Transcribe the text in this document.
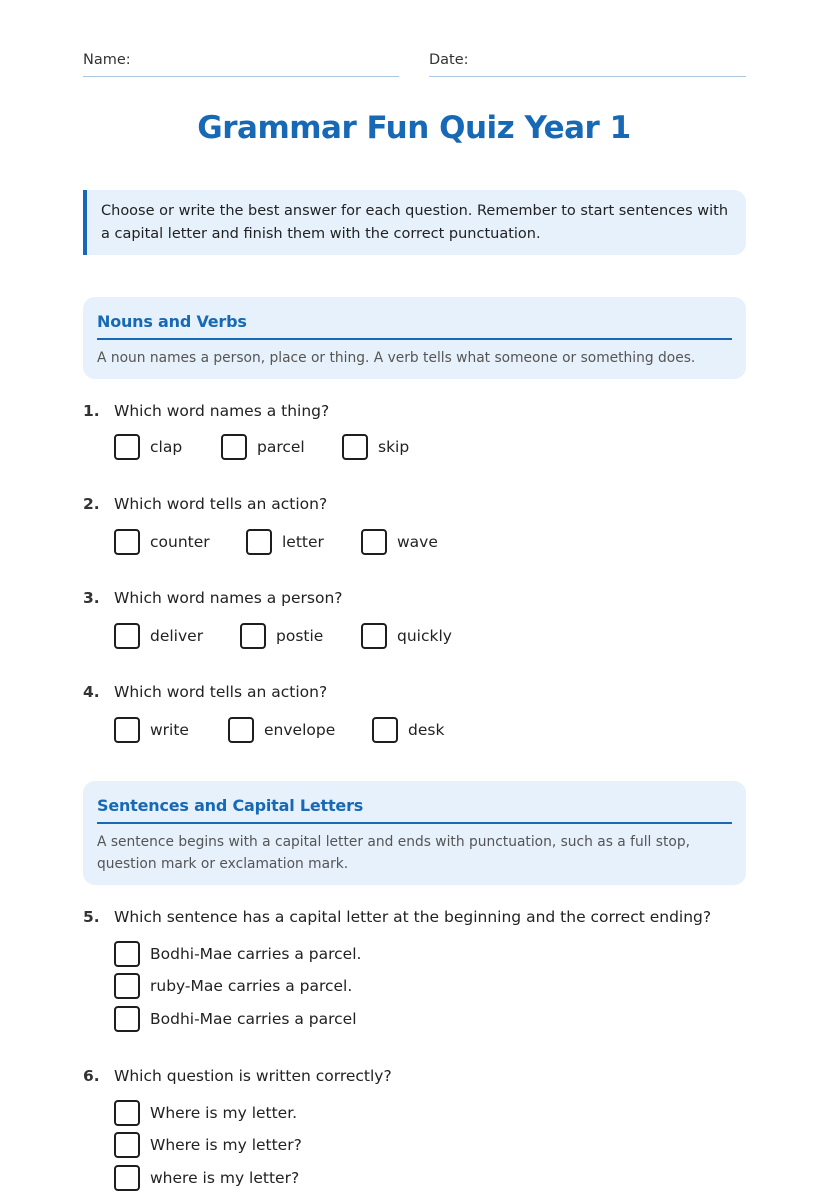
Name:	Date:
Grammar Fun Quiz Year 1
Choose or write the best answer for each question. Remember to start sentences with a capital letter and finish them with the correct punctuation.
Nouns and Verbs
A noun names a person, place or thing. A verb tells what someone or something does.
1. Which word names a thing?
clap	parcel	skip
2. Which word tells an action?
counter	letter	wave
3. Which word names a person?
deliver	postie	quickly
4. Which word tells an action?
write	envelope	desk
Sentences and Capital Letters
A sentence begins with a capital letter and ends with punctuation, such as a full stop, question mark or exclamation mark.
5. Which sentence has a capital letter at the beginning and the correct ending?
Bodhi-Mae carries a parcel.
ruby-Mae carries a parcel.
Bodhi-Mae carries a parcel
6. Which question is written correctly?
Where is my letter.
Where is my letter?
where is my letter?
